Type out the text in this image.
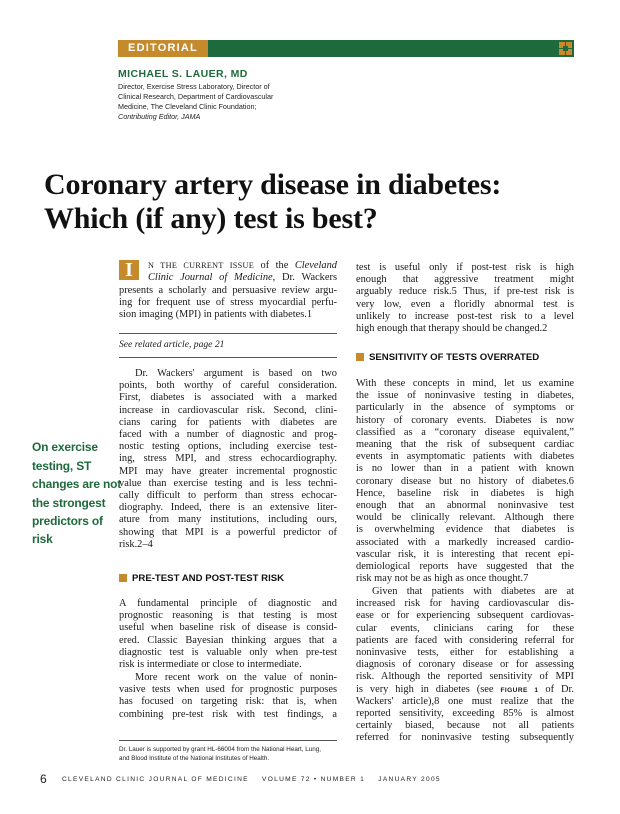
EDITORIAL
MICHAEL S. LAUER, MD
Director, Exercise Stress Laboratory, Director of
Clinical Research, Department of Cardiovascular
Medicine, The Cleveland Clinic Foundation;
Contributing Editor, JAMA
Coronary artery disease in diabetes:
Which (if any) test is best?
On exercise
testing, ST
changes are not
the strongest
predictors of
risk
I	N THE CURRENT ISSUE of the Cleveland
Clinic Journal of Medicine, Dr. Wackers
presents a scholarly and persuasive review argu-
ing for frequent use of stress myocardial perfu-
sion imaging (MPI) in patients with diabetes.1
See related article, page 21
Dr. Wackers' argument is based on two
points, both worthy of careful consideration.
First, diabetes is associated with a marked
increase in cardiovascular risk. Second, clini-
cians caring for patients with diabetes are
faced with a number of diagnostic and prog-
nostic testing options, including exercise test-
ing, stress MPI, and stress echocardiography.
MPI may have greater incremental prognostic
value than exercise testing and is less techni-
cally difficult to perform than stress echocar-
diography. Indeed, there is an extensive liter-
ature from many institutions, including ours,
showing that MPI is a powerful predictor of
risk.2–4
PRE-TEST AND POST-TEST RISK
A fundamental principle of diagnostic and
prognostic reasoning is that testing is most
useful when baseline risk of disease is consid-
ered. Classic Bayesian thinking argues that a
diagnostic test is valuable only when pre-test
risk is intermediate or close to intermediate.
More recent work on the value of nonin-
vasive tests when used for prognostic purposes
has focused on targeting risk: that is, when
combining pre-test risk with test findings, a
Dr. Lauer is supported by grant HL-66004 from the National Heart, Lung,
and Blood Institute of the National Institutes of Health.
test is useful only if post-test risk is high
enough that aggressive treatment might
arguably reduce risk.5 Thus, if pre-test risk is
very low, even a floridly abnormal test is
unlikely to increase post-test risk to a level
high enough that therapy should be changed.2
SENSITIVITY OF TESTS OVERRATED
With these concepts in mind, let us examine
the issue of noninvasive testing in diabetes,
particularly in the absence of symptoms or
history of coronary events. Diabetes is now
classified as a “coronary disease equivalent,”
meaning that the risk of subsequent cardiac
events in asymptomatic patients with diabetes
is no lower than in a patient with known
coronary disease but no history of diabetes.6
Hence, baseline risk in diabetes is high
enough that an abnormal noninvasive test
would be clinically relevant. Although there
is overwhelming evidence that diabetes is
associated with a markedly increased cardio-
vascular risk, it is interesting that recent epi-
demiological reports have suggested that the
risk may not be as high as once thought.7
Given that patients with diabetes are at
increased risk for having cardiovascular dis-
ease or for experiencing subsequent cardiovas-
cular events, clinicians caring for these
patients are faced with considering referral for
noninvasive tests, either for establishing a
diagnosis of coronary disease or for assessing
risk. Although the reported sensitivity of MPI
is very high in diabetes (see FIGURE 1 of Dr.
Wackers' article),8 one must realize that the
reported sensitivity, exceeding 85% is almost
certainly biased, because not all patients
referred for noninvasive testing subsequently
6 CLEVELAND CLINIC JOURNAL OF MEDICINE VOLUME 72 • NUMBER 1 JANUARY 2005
